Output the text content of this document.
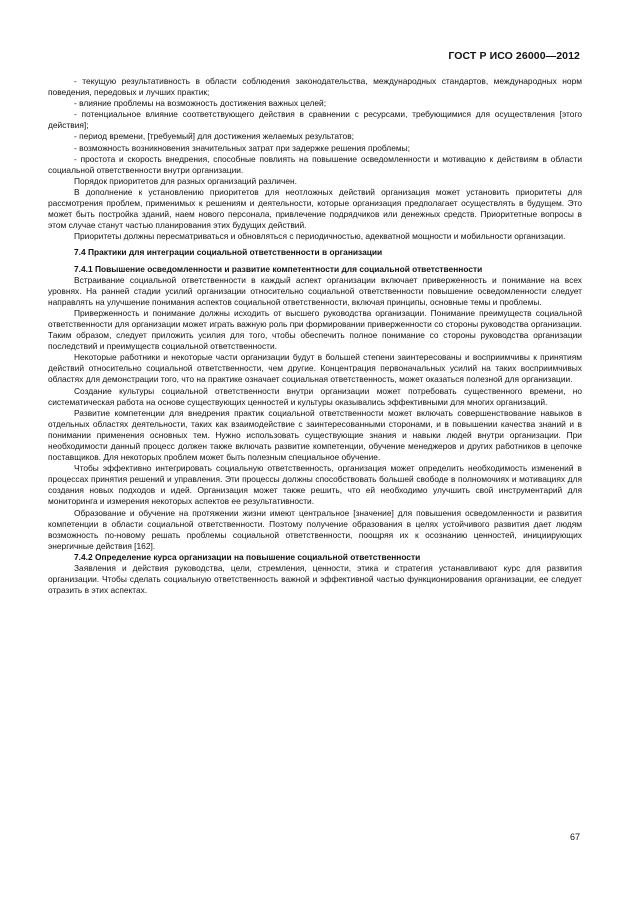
ГОСТ Р ИСО 26000—2012

- текущую результативность в области соблюдения законодательства, международных стандартов, международных норм поведения, передовых и лучших практик;

- влияние проблемы на возможность достижения важных целей;

- потенциальное влияние соответствующего действия в сравнении с ресурсами, требующимися для осуществления [этого действия];

- период времени, [требуемый] для достижения желаемых результатов;

- возможность возникновения значительных затрат при задержке решения проблемы;

- простота и скорость внедрения, способные повлиять на повышение осведомленности и мотивацию к действиям в области социальной ответственности внутри организации.

Порядок приоритетов для разных организаций различен.

В дополнение к установлению приоритетов для неотложных действий организация может установить приоритеты для рассмотрения проблем, применимых к решениям и деятельности, которые организация предполагает осуществлять в будущем. Это может быть постройка зданий, наем нового персонала, привлечение подрядчиков или денежных средств. Приоритетные вопросы в этом случае станут частью планирования этих будущих действий.

Приоритеты должны пересматриваться и обновляться с периодичностью, адекватной мощности и мобильности организации.

7.4 Практики для интеграции социальной ответственности в организации

7.4.1 Повышение осведомленности и развитие компетентности для социальной ответственности

Встраивание социальной ответственности в каждый аспект организации включает приверженность и понимание на всех уровнях. На ранней стадии усилий организации относительно социальной ответственности повышение осведомленности следует направлять на улучшение понимания аспектов социальной ответственности, включая принципы, основные темы и проблемы.

Приверженность и понимание должны исходить от высшего руководства организации. Понимание преимуществ социальной ответственности для организации может играть важную роль при формировании приверженности со стороны руководства организации. Таким образом, следует приложить усилия для того, чтобы обеспечить полное понимание со стороны руководства организации последствий и преимуществ социальной ответственности.

Некоторые работники и некоторые части организации будут в большей степени заинтересованы и восприимчивы к принятиям действий относительно социальной ответственности, чем другие. Концентрация первоначальных усилий на таких восприимчивых областях для демонстрации того, что на практике означает социальная ответственность, может оказаться полезной для организации.

Создание культуры социальной ответственности внутри организации может потребовать существенного времени, но систематическая работа на основе существующих ценностей и культуры оказывались эффективными для многих организаций.

Развитие компетенции для внедрения практик социальной ответственности может включать совершенствование навыков в отдельных областях деятельности, таких как взаимодействие с заинтересованными сторонами, и в повышении качества знаний и в понимании применения основных тем. Нужно использовать существующие знания и навыки людей внутри организации. При необходимости данный процесс должен также включать развитие компетенции, обучение менеджеров и других работников в цепочке поставщиков. Для некоторых проблем может быть полезным специальное обучение.

Чтобы эффективно интегрировать социальную ответственность, организация может определить необходимость изменений в процессах принятия решений и управления. Эти процессы должны способствовать большей свободе в полномочиях и мотивациях для создания новых подходов и идей. Организация может также решить, что ей необходимо улучшить свой инструментарий для мониторинга и измерения некоторых аспектов ее результативности.

Образование и обучение на протяжении жизни имеют центральное [значение] для повышения осведомленности и развития компетенции в области социальной ответственности. Поэтому получение образования в целях устойчивого развития дает людям возможность по-новому решать проблемы социальной ответственности, поощряя их к осознанию ценностей, инициирующих энергичные действия [162].

7.4.2 Определение курса организации на повышение социальной ответственности

Заявления и действия руководства, цели, стремления, ценности, этика и стратегия устанавливают курс для развития организации. Чтобы сделать социальную ответственность важной и эффективной частью функционирования организации, ее следует отразить в этих аспектах.

67
